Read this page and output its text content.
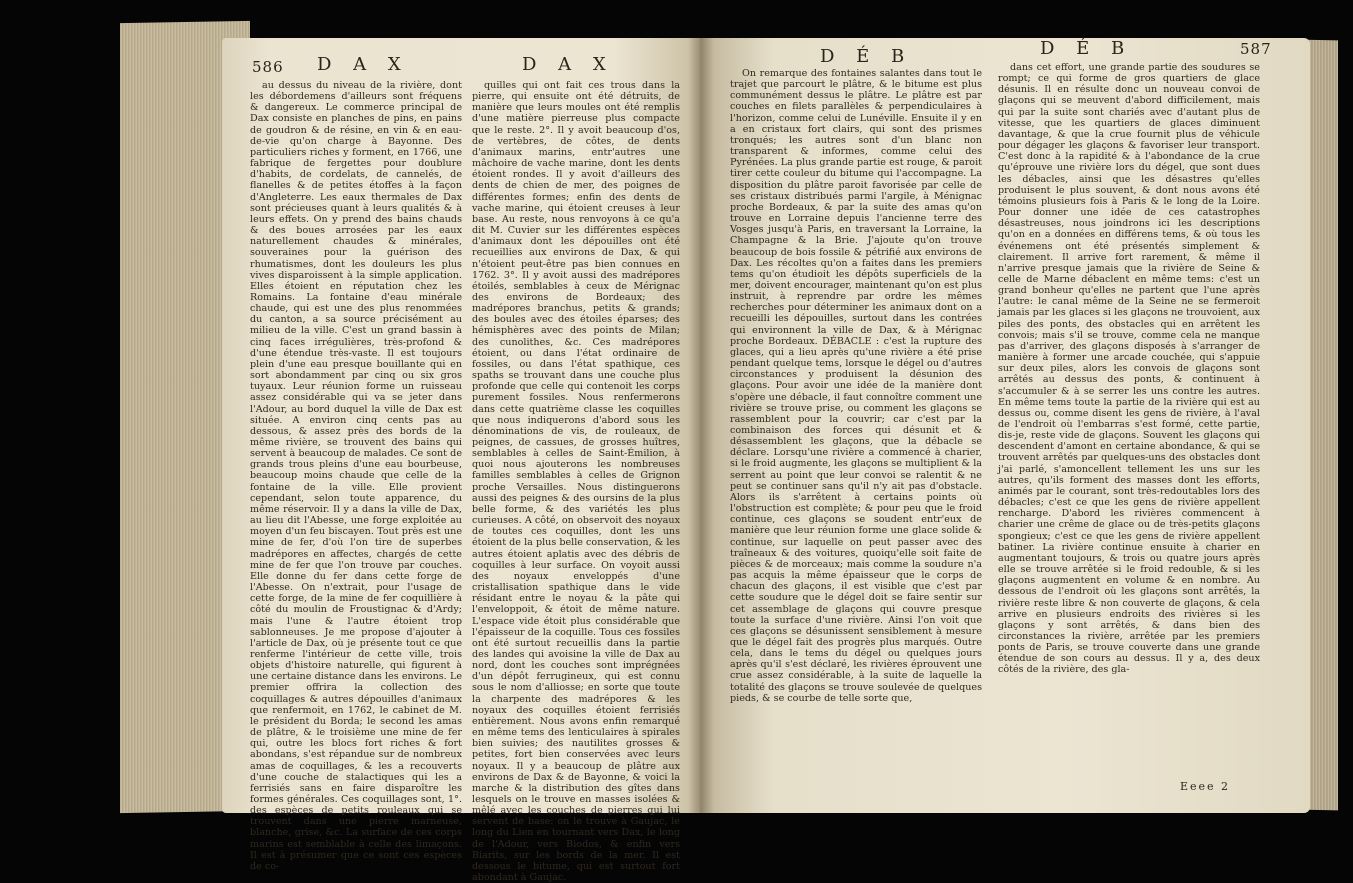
586 D A X	D A X

au dessus du niveau de la rivière, dont les débordemens d'ailleurs sont fréquens & dangereux. Le commerce principal de Dax consiste en planches de pins, en pains de goudron & de résine, en vin & en eau-de-vie qu'on charge à Bayonne. Des particuliers riches y forment, en 1766, une fabrique de fergettes pour doublure d'habits, de cordelats, de cannelés, de flanelles & de petites étoffes à la façon d'Angleterre. Les eaux thermales de Dax sont précieuses quant à leurs qualités & à leurs effets. On y prend des bains chauds & des boues arrosées par les eaux naturellement chaudes & minérales, souveraines pour la guérison des rhumatismes, dont les douleurs les plus vives disparoissent à la simple application. Elles étoient en réputation chez les Romains. La fontaine d'eau minérale chaude, qui est une des plus renommées du canton, a sa source précisément au milieu de la ville. C'est un grand bassin à cinq faces irrégulières, très-profond & d'une étendue très-vaste. Il est toujours plein d'une eau presque bouillante qui en sort abondamment par cinq ou six gros tuyaux. Leur réunion forme un ruisseau assez considérable qui va se jeter dans l'Adour, au bord duquel la ville de Dax est située. A environ cinq cents pas au dessous, & assez près des bords de la même rivière, se trouvent des bains qui servent à beaucoup de malades. Ce sont de grands trous pleins d'une eau bourbeuse, beaucoup moins chaude que celle de la fontaine de la ville. Elle provient cependant, selon toute apparence, du même réservoir. Il y a dans la ville de Dax, au lieu dit l'Abesse, une forge exploitée au moyen d'un feu biscayen. Tout près est une mine de fer, d'où l'on tire de superbes madrépores en affectes, chargés de cette mine de fer que l'on trouve par couches. Elle donne du fer dans cette forge de l'Abesse. On n'extrait, pour l'usage de cette forge, de la mine de fer coquillière à côté du moulin de Froustignac & d'Ardy; mais l'une & l'autre étoient trop sablonneuses. Je me propose d'ajouter à l'article de Dax, où je présente tout ce que renferme l'intérieur de cette ville, trois objets d'histoire naturelle, qui figurent à une certaine distance dans les environs. Le premier offrira la collection des coquillages & autres dépouilles d'animaux que renfermoit, en 1762, le cabinet de M. le président du Borda; le second les amas de plâtre, & le troisième une mine de fer qui, outre les blocs fort riches & fort abondans, s'est répandue sur de nombreux amas de coquillages, & les a recouverts d'une couche de stalactiques qui les a ferrisiés sans en faire disparoître les formes générales. Ces coquillages sont, 1°. des espèces de petits rouleaux qui se trouvent dans une pierre marneuse, blanche, grise, &c. La surface de ces corps marins est semblable à celle des limaçons. Il est à présumer que ce sont ces espèces de co-

quilles qui ont fait ces trous dans la pierre, qui ensuite ont été détruits, de manière que leurs moules ont été remplis d'une matière pierreuse plus compacte que le reste. 2°. Il y avoit beaucoup d'os, de vertèbres, de côtes, de dents d'animaux marins, entr'autres une mâchoire de vache marine, dont les dents étoient rondes. Il y avoit d'ailleurs des dents de chien de mer, des poignes de différentes formes; enfin des dents de vache marine, qui étoient creuses à leur base. Au reste, nous renvoyons à ce qu'a dit M. Cuvier sur les différentes espèces d'animaux dont les dépouilles ont été recueillies aux environs de Dax, & qui n'étoient peut-être pas bien connues en 1762. 3°. Il y avoit aussi des madrépores étoilés, semblables à ceux de Mérignac des environs de Bordeaux; des madrépores branchus, petits & grands; des boules avec des étoiles éparses; des hémisphères avec des points de Milan; des cunolithes, &c. Ces madrépores étoient, ou dans l'état ordinaire de fossiles, ou dans l'état spathique, ces spaths se trouvant dans une couche plus profonde que celle qui contenoit les corps purement fossiles. Nous renfermerons dans cette quatrième classe les coquilles que nous indiquerons d'abord sous les dénominations de vis, de rouleaux, de peignes, de cassues, de grosses huîtres, semblables à celles de Saint-Émilion, à quoi nous ajouterons les nombreuses familles semblables à celles de Grignon proche Versailles. Nous distinguerons aussi des peignes & des oursins de la plus belle forme, & des variétés les plus curieuses. A côté, on observoit des noyaux de toutes ces coquilles, dont les uns étoient de la plus belle conservation, & les autres étoient aplatis avec des débris de coquilles à leur surface. On voyoit aussi des noyaux enveloppés d'une cristallisation spathique dans le vide résidant entre le noyau & la pâte qui l'enveloppoit, & étoit de même nature. L'espace vide étoit plus considérable que l'épaisseur de la coquille. Tous ces fossiles ont été surtout recueillis dans la partie des landes qui avoisine la ville de Dax au nord, dont les couches sont imprégnées d'un dépôt ferrugineux, qui est connu sous le nom d'alliosse; en sorte que toute la charpente des madrépores & les noyaux des coquilles étoient ferrisiés entièrement. Nous avons enfin remarqué en même tems des lenticulaires à spirales bien suivies; des nautilites grosses & petites, fort bien conservées avec leurs noyaux. Il y a beaucoup de plâtre aux environs de Dax & de Bayonne, & voici la marche & la distribution des gîtes dans lesquels on le trouve en masses isolées & mêlé avec les couches de pierres qui lui servent de base: on le trouve à Gaujac, le long du Lien en tournant vers Dax, le long de l'Adour, vers Biodos, & enfin vers Biarits, sur les bords de la mer. Il est dessous le bitume, qui est surtout fort abondant à Gaujac.

D É B	D É B	587

On remarque des fontaines salantes dans tout le trajet que parcourt le plâtre, & le bitume est plus communément dessus le plâtre. Le plâtre est par couches en filets parallèles & perpendiculaires à l'horizon, comme celui de Lunéville. Ensuite il y en a en cristaux fort clairs, qui sont des prismes tronqués; les autres sont d'un blanc non transparent & informes, comme celui des Pyrénées. La plus grande partie est rouge, & paroit tirer cette couleur du bitume qui l'accompagne. La disposition du plâtre paroit favorisée par celle de ses cristaux distribués parmi l'argile, à Ménignac proche Bordeaux, & par la suite des amas qu'on trouve en Lorraine depuis l'ancienne terre des Vosges jusqu'à Paris, en traversant la Lorraine, la Champagne & la Brie. J'ajoute qu'on trouve beaucoup de bois fossile & pétrifié aux environs de Dax. Les récoltes qu'on a faites dans les premiers tems qu'on étudioit les dépôts superficiels de la mer, doivent encourager, maintenant qu'on est plus instruit, à reprendre par ordre les mêmes recherches pour déterminer les animaux dont on a recueilli les dépouilles, surtout dans les contrées qui environnent la ville de Dax, & à Mérignac proche Bordeaux. DÉBACLE : c'est la rupture des glaces, qui a lieu après qu'une rivière a été prise pendant quelque tems, lorsque le dégel ou d'autres circonstances y produisent la désunion des glaçons. Pour avoir une idée de la manière dont s'opère une débacle, il faut connoître comment une rivière se trouve prise, ou comment les glaçons se rassemblent pour la couvrir; car c'est par la combinaison des forces qui désunit et & désassemblent les glaçons, que la débacle se déclare. Lorsqu'une rivière a commencé à charier, si le froid augmente, les glaçons se multiplient & la serrent au point que leur convoi se ralentit & ne peut se continuer sans qu'il n'y ait pas d'obstacle. Alors ils s'arrêtent à certains points où l'obstruction est complète; & pour peu que le froid continue, ces glaçons se soudent entr'eux de manière que leur réunion forme une glace solide & continue, sur laquelle on peut passer avec des traîneaux & des voitures, quoiqu'elle soit faite de pièces & de morceaux; mais comme la soudure n'a pas acquis la même épaisseur que le corps de chacun des glaçons, il est visible que c'est par cette soudure que le dégel doit se faire sentir sur cet assemblage de glaçons qui couvre presque toute la surface d'une rivière. Ainsi l'on voit que ces glaçons se désunissent sensiblement à mesure que le dégel fait des progrès plus marqués. Outre cela, dans le tems du dégel ou quelques jours après qu'il s'est déclaré, les rivières éprouvent une crue assez considérable, à la suite de laquelle la totalité des glaçons se trouve soulevée de quelques pieds, & se courbe de telle sorte que,

dans cet effort, une grande partie des soudures se rompt; ce qui forme de gros quartiers de glace désunis. Il en résulte donc un nouveau convoi de glaçons qui se meuvent d'abord difficilement, mais qui par la suite sont chariés avec d'autant plus de vitesse, que les quartiers de glaces diminuent davantage, & que la crue fournit plus de véhicule pour dégager les glaçons & favoriser leur transport. C'est donc à la rapidité & à l'abondance de la crue qu'éprouve une rivière lors du dégel, que sont dues les débacles, ainsi que les désastres qu'elles produisent le plus souvent, & dont nous avons été témoins plusieurs fois à Paris & le long de la Loire. Pour donner une idée de ces catastrophes désastreuses, nous joindrons ici les descriptions qu'on en a données en différens tems, & où tous les événemens ont été présentés simplement & clairement. Il arrive fort rarement, & même il n'arrive presque jamais que la rivière de Seine & celle de Marne débaclent en même tems: c'est un grand bonheur qu'elles ne partent que l'une après l'autre: le canal même de la Seine ne se fermeroit jamais par les glaces si les glaçons ne trouvoient, aux piles des ponts, des obstacles qui en arrêtent les convois; mais s'il se trouve, comme cela ne manque pas d'arriver, des glaçons disposés à s'arranger de manière à former une arcade couchée, qui s'appuie sur deux piles, alors les convois de glaçons sont arrêtés au dessus des ponts, & continuent à s'accumuler & à se serrer les uns contre les autres. En même tems toute la partie de la rivière qui est au dessus ou, comme disent les gens de rivière, à l'aval de l'endroit où l'embarras s'est formé, cette partie, dis-je, reste vide de glaçons. Souvent les glaçons qui descendent d'amont en certaine abondance, & qui se trouvent arrêtés par quelques-uns des obstacles dont j'ai parlé, s'amoncellent tellement les uns sur les autres, qu'ils forment des masses dont les efforts, animés par le courant, sont très-redoutables lors des débacles; c'est ce que les gens de rivière appellent rencharge. D'abord les rivières commencent à charier une crême de glace ou de très-petits glaçons spongieux; c'est ce que les gens de rivière appellent batiner. La rivière continue ensuite à charier en augmentant toujours, & trois ou quatre jours après elle se trouve arrêtée si le froid redouble, & si les glaçons augmentent en volume & en nombre. Au dessous de l'endroit où les glaçons sont arrêtés, la rivière reste libre & non couverte de glaçons, & cela arrive en plusieurs endroits des rivières si les glaçons y sont arrêtés, & dans bien des circonstances la rivière, arrêtée par les premiers ponts de Paris, se trouve couverte dans une grande étendue de son cours au dessus. Il y a, des deux côtés de la rivière, des gla-

Eeee 2
